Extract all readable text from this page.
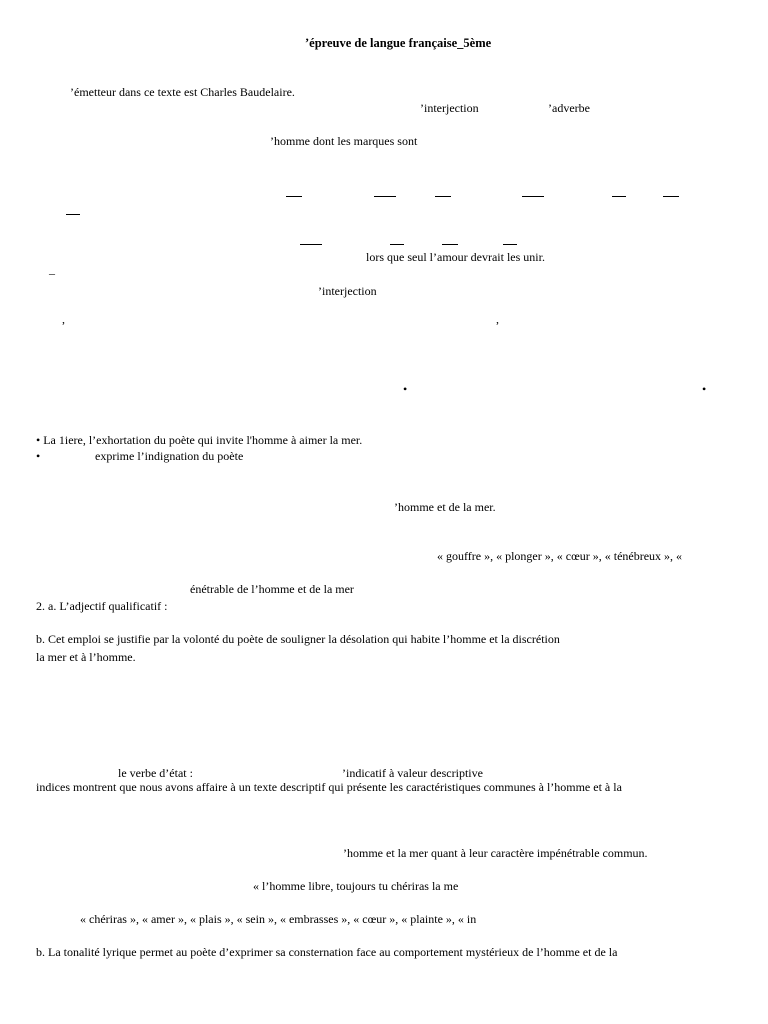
’épreuve de langue française_5ème
’émetteur dans ce texte est Charles Baudelaire.
’interjection	’adverbe
’homme dont les marques sont
lors que seul l’amour devrait les unir.
–
’interjection
,	,
•	•
• La 1iere, l’exhortation du poète qui invite l'homme à aimer la mer.
•	exprime l’indignation du poète
’homme et de la mer.
« gouffre », « plonger », « cœur », « ténébreux », «
énétrable de l’homme et de la mer
2. a. L’adjectif qualificatif :
b. Cet emploi se justifie par la volonté du poète de souligner la désolation qui habite l’homme et la discrétion
la mer et à l’homme.
le verbe d’état :	’indicatif à valeur descriptive
indices montrent que nous avons affaire à un texte descriptif qui présente les caractéristiques communes à l’homme et à la
’homme et la mer quant à leur caractère impénétrable commun.
« l’homme libre, toujours tu chériras la me
« chériras », « amer », « plais », « sein », « embrasses », « cœur », « plainte », « in
b. La tonalité lyrique permet au poète d’exprimer sa consternation face au comportement mystérieux de l’homme et de la
